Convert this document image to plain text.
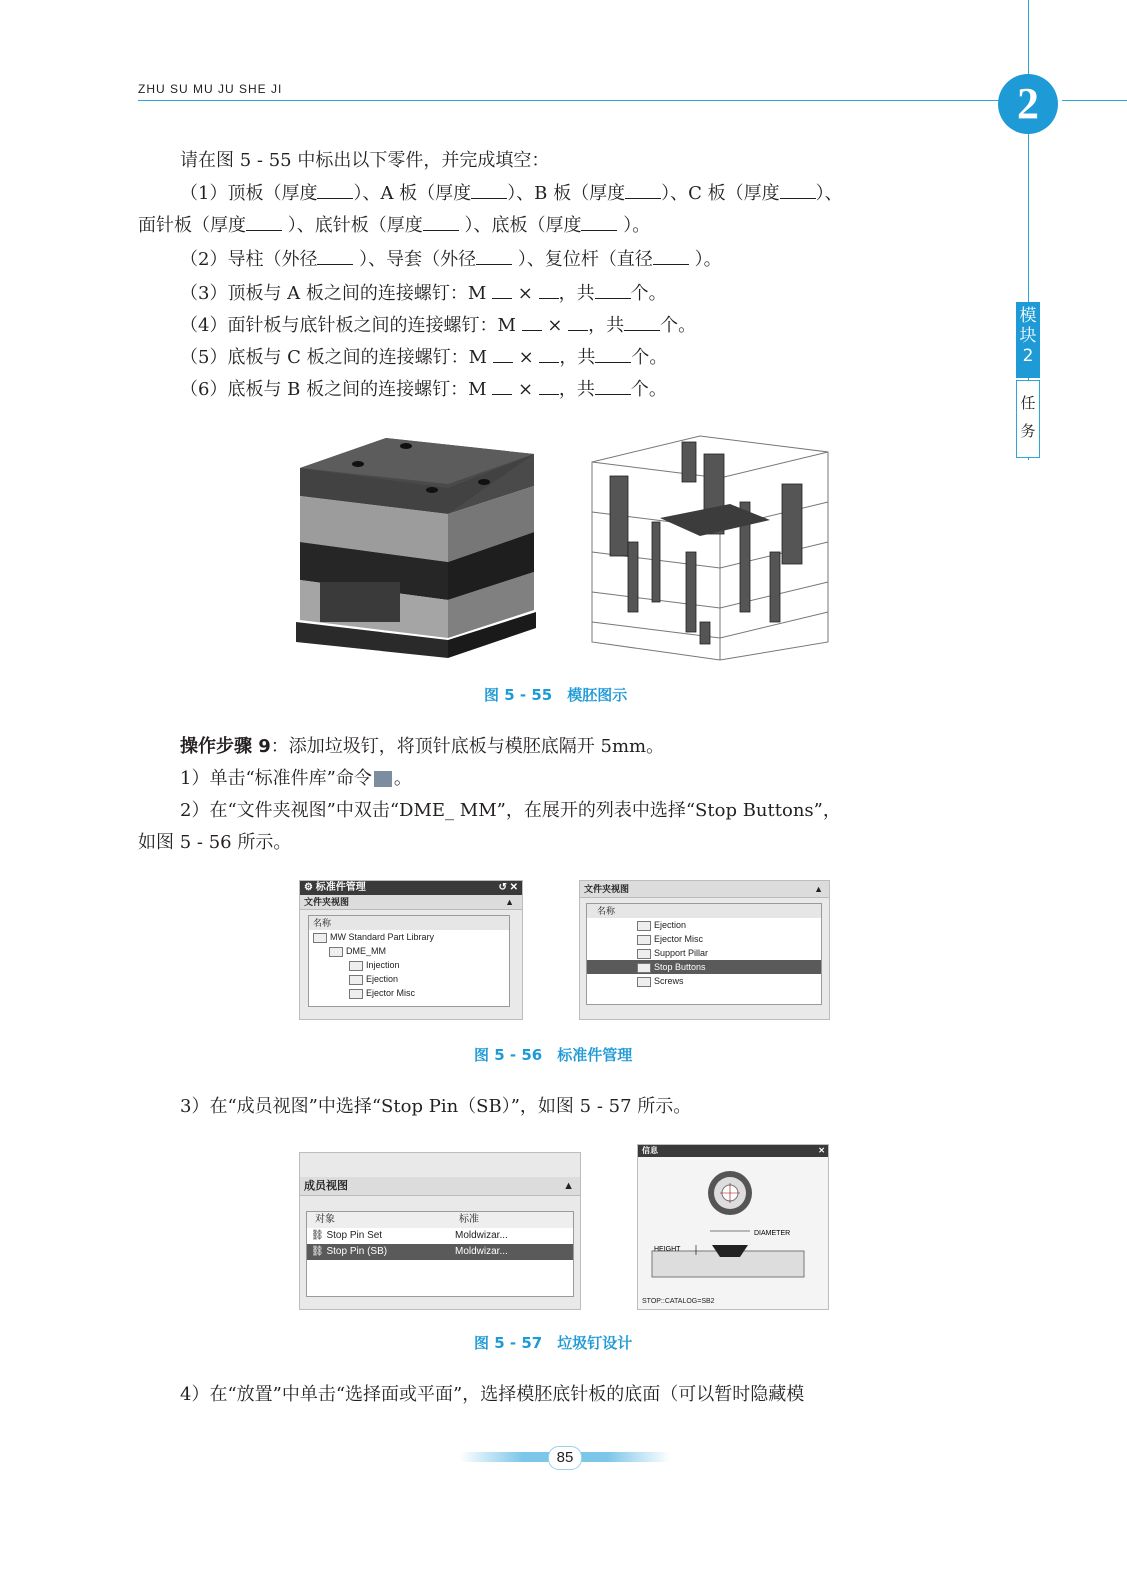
ZHU SU MU JU SHE JI	2
模
块
2
任
务
请在图 5 - 55 中标出以下零件，并完成填空：
（1）顶板（厚度 ）、A 板（厚度 ）、B 板（厚度 ）、C 板（厚度 ）、
面针板（厚度 ）、底针板（厚度 ）、底板（厚度 ）。
（2）导柱（外径 ）、导套（外径 ）、复位杆（直径 ）。
（3）顶板与 A 板之间的连接螺钉：M  × ，共 个。
（4）面针板与底针板之间的连接螺钉：M  × ，共 个。
（5）底板与 C 板之间的连接螺钉：M  × ，共 个。
（6）底板与 B 板之间的连接螺钉：M  × ，共 个。
图 5 - 55　模胚图示
操作步骤 9：添加垃圾钉，将顶针底板与模胚底隔开 5mm。
1）单击“标准件库”命令 。
2）在“文件夹视图”中双击“DME_ MM”，在展开的列表中选择“Stop Buttons”，
如图 5 - 56 所示。
⚙ 标准件管理	↺ ✕
文件夹视图	▲
名称
MW Standard Part Library
DME_MM
Injection
Ejection
Ejector Misc
文件夹视图	▲
名称
Ejection
Ejector Misc
Support Pillar
Stop Buttons
Screws
图 5 - 56　标准件管理
3）在“成员视图”中选择“Stop Pin（SB）”，如图 5 - 57 所示。
成员视图	▲
对象	标准
⛓ Stop Pin Set	Moldwizar...
⛓ Stop Pin (SB)	Moldwizar...
信息	✕
DIAMETER
HEIGHT
STOP::CATALOG=SB2
图 5 - 57　垃圾钉设计
4）在“放置”中单击“选择面或平面”，选择模胚底针板的底面（可以暂时隐藏模
85
